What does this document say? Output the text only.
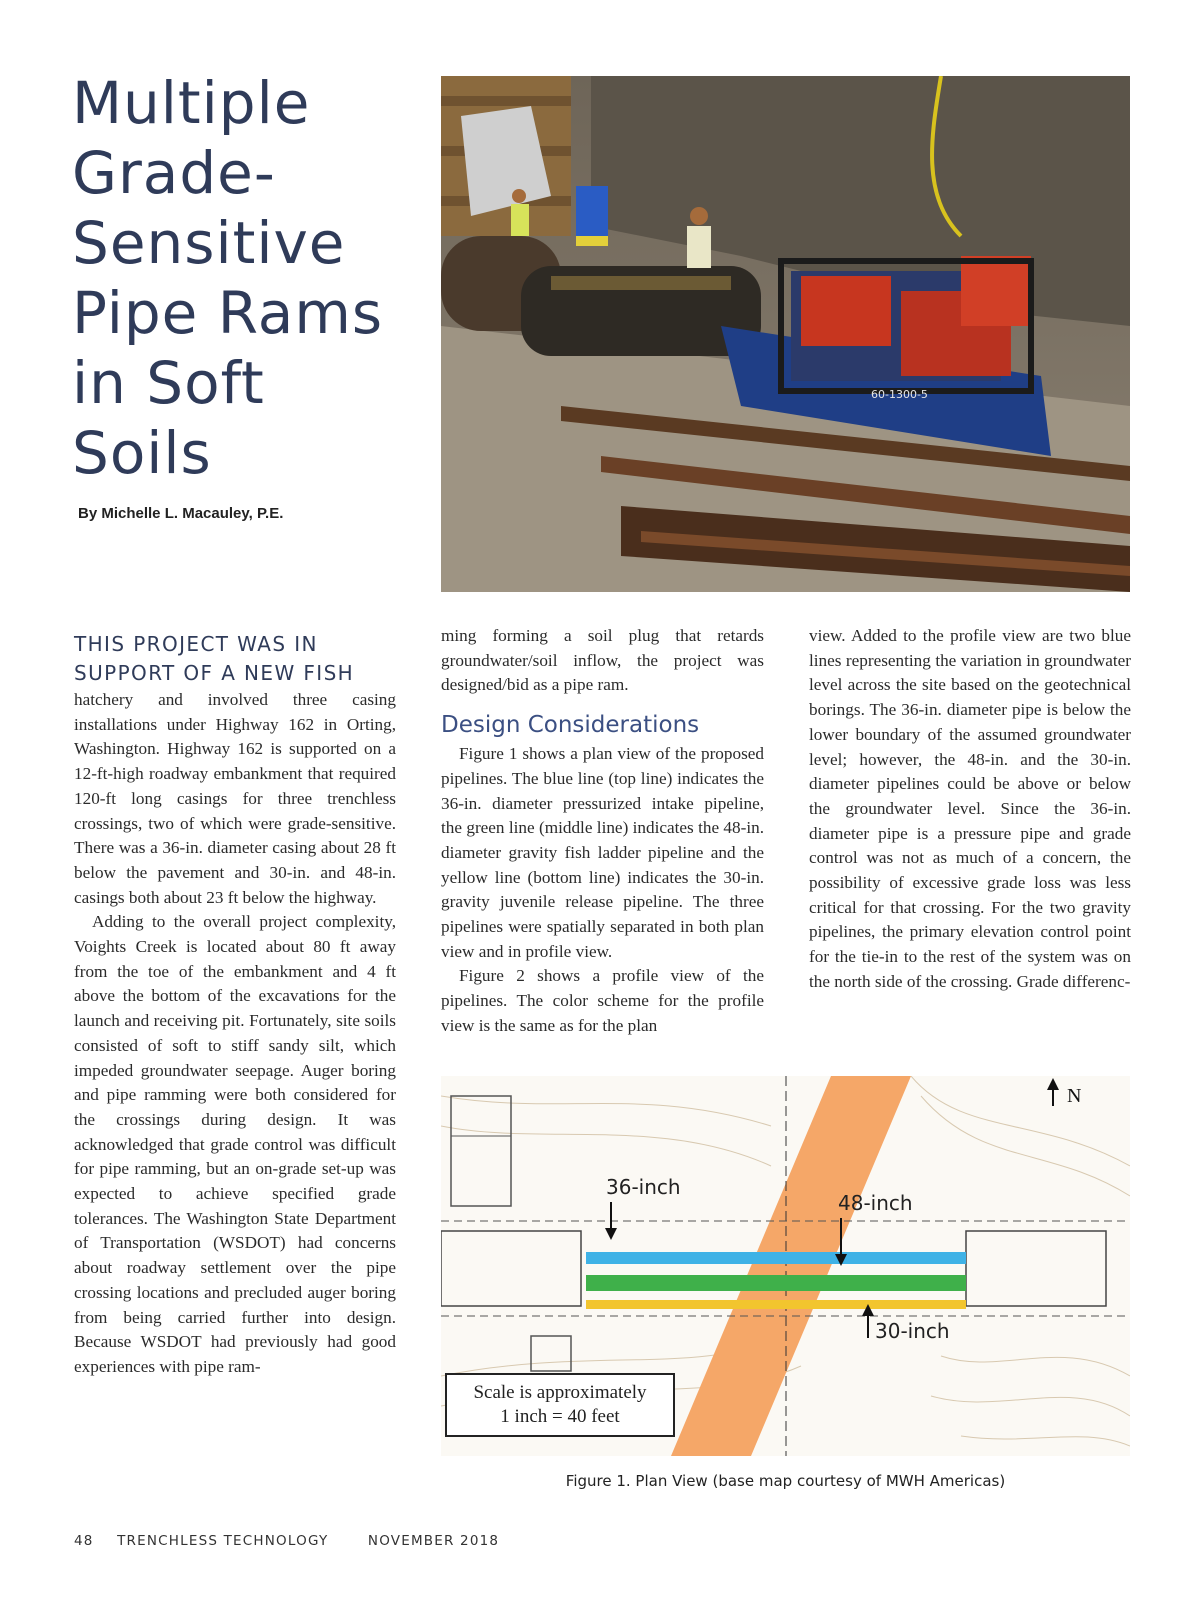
Multiple Grade-Sensitive Pipe Rams in Soft Soils
By Michelle L. Macauley, P.E.
60-1300-5

THIS PROJECT WAS IN SUPPORT OF A NEW FISH

hatchery and involved three casing installations under Highway 162 in Orting, Washington. Highway 162 is supported on a 12-ft-high roadway embankment that required 120-ft long casings for three trenchless crossings, two of which were grade-sensitive. There was a 36-in. diameter casing about 28 ft below the pavement and 30-in. and 48-in. casings both about 23 ft below the highway.

Adding to the overall project complexity, Voights Creek is located about 80 ft away from the toe of the embankment and 4 ft above the bottom of the excavations for the launch and receiving pit. Fortunately, site soils consisted of soft to stiff sandy silt, which impeded groundwater seepage. Auger boring and pipe ramming were both considered for the crossings during design. It was acknowledged that grade control was difficult for pipe ramming, but an on-grade set-up was expected to achieve specified grade tolerances. The Washington State Department of Transportation (WSDOT) had concerns about roadway settlement over the pipe crossing locations and precluded auger boring from being carried further into design. Because WSDOT had previously had good experiences with pipe ram-

ming forming a soil plug that retards groundwater/soil inflow, the project was designed/bid as a pipe ram.

Design Considerations

Figure 1 shows a plan view of the proposed pipelines. The blue line (top line) indicates the 36-in. diameter pressurized intake pipeline, the green line (middle line) indicates the 48-in. diameter gravity fish ladder pipeline and the yellow line (bottom line) indicates the 30-in. gravity juvenile release pipeline. The three pipelines were spatially separated in both plan view and in profile view.

Figure 2 shows a profile view of the pipelines. The color scheme for the profile view is the same as for the plan

view. Added to the profile view are two blue lines representing the variation in groundwater level across the site based on the geotechnical borings. The 36-in. diameter pipe is below the lower boundary of the assumed groundwater level; however, the 48-in. and the 30-in. diameter pipelines could be above or below the groundwater level. Since the 36-in. diameter pipe is a pressure pipe and grade control was not as much of a concern, the possibility of excessive grade loss was less critical for that crossing. For the two gravity pipelines, the primary elevation control point for the tie-in to the rest of the system was on the north side of the crossing. Grade differenc-

36-inch
48-inch
30-inch
N
Scale is approximately
1 inch = 40 feet
Figure 1. Plan View (base map courtesy of MWH Americas)
48 TRENCHLESS TECHNOLOGY	NOVEMBER 2018
